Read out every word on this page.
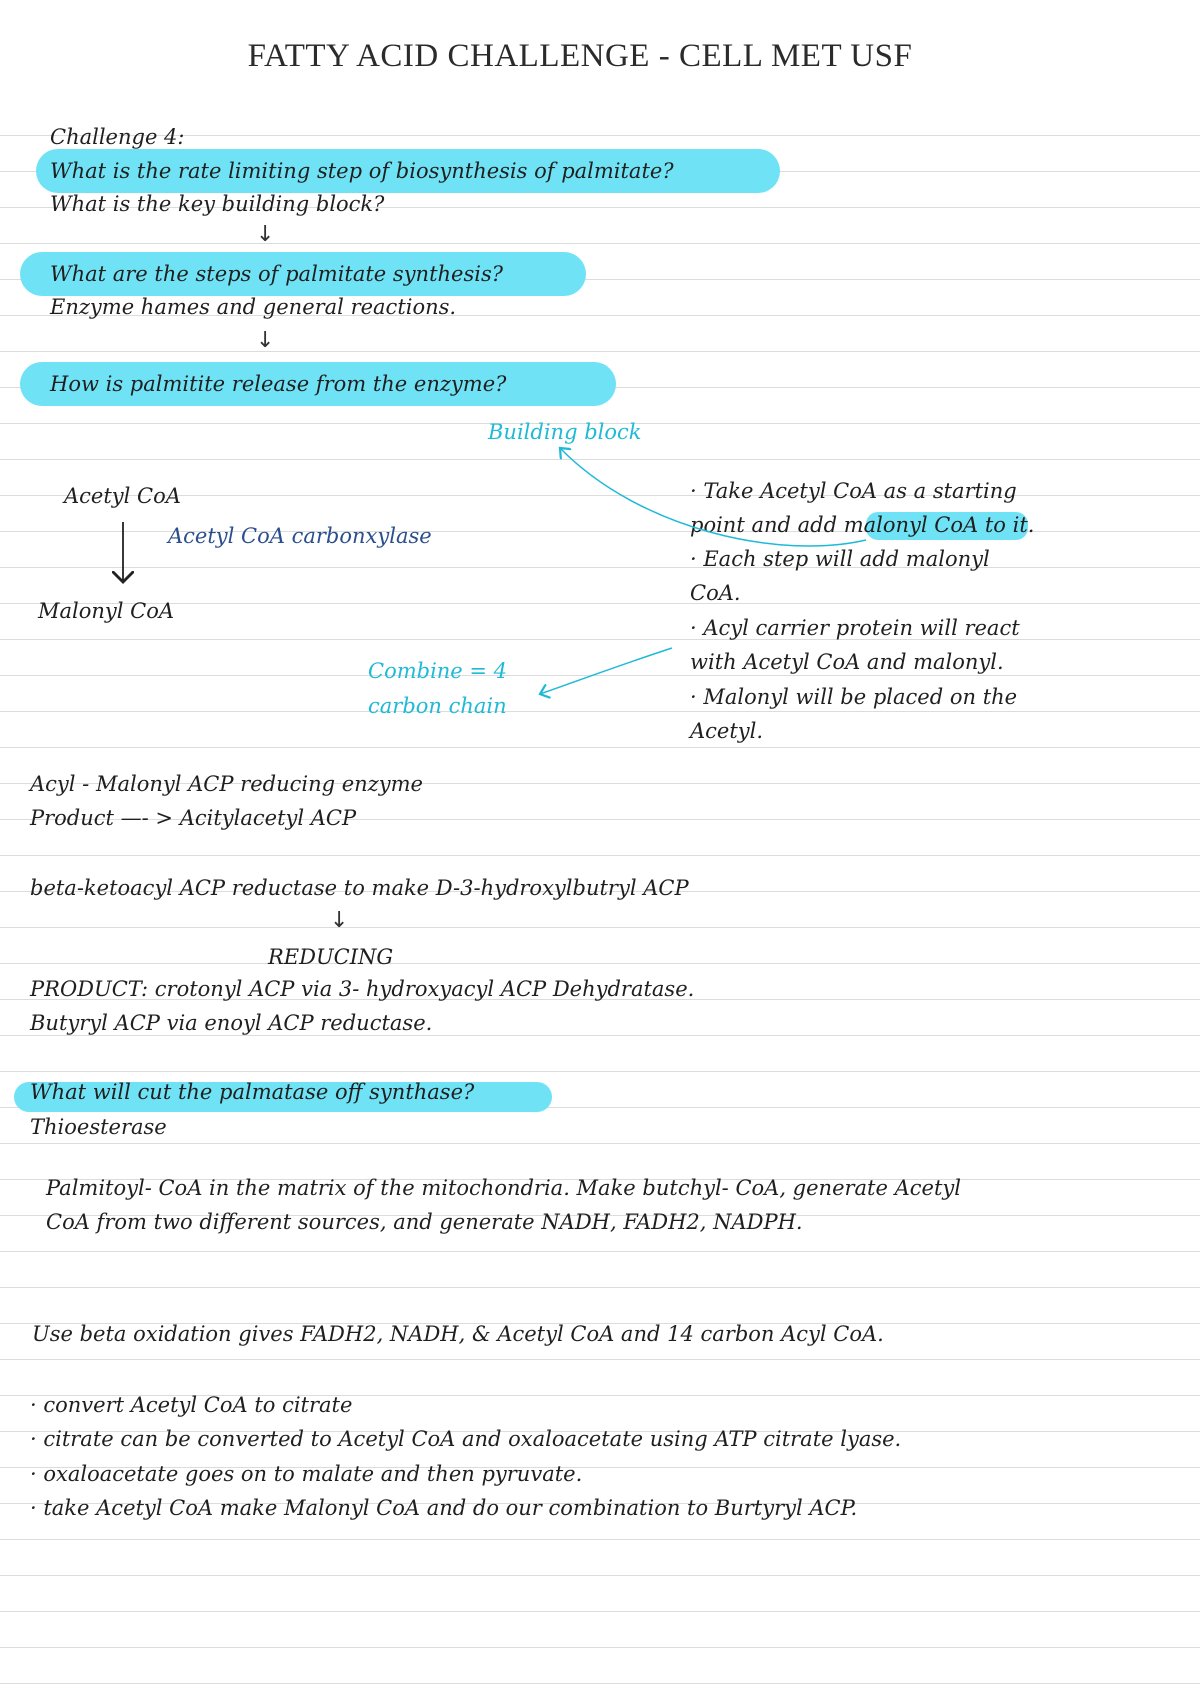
FATTY ACID CHALLENGE - CELL MET USF
Challenge 4:
What is the rate limiting step of biosynthesis of palmitate?
What is the key building block?
↓
What are the steps of palmitate synthesis?
Enzyme hames and general reactions.
↓
How is palmitite release from the enzyme?
Building block
Acetyl CoA
Acetyl CoA carbonxylase
Malonyl CoA
Combine = 4
carbon chain
· Take Acetyl CoA as a starting
point and add malonyl CoA to it.
· Each step will add malonyl
CoA.
· Acyl carrier protein will react
with Acetyl CoA and malonyl.
· Malonyl will be placed on the
Acetyl.
Acyl - Malonyl ACP reducing enzyme
Product —- > Acitylacetyl ACP
beta-ketoacyl ACP reductase to make D-3-hydroxylbutryl ACP
↓
REDUCING
PRODUCT: crotonyl ACP via 3- hydroxyacyl ACP Dehydratase.
Butyryl ACP via enoyl ACP reductase.
What will cut the palmatase off synthase?
Thioesterase
Palmitoyl- CoA in the matrix of the mitochondria. Make butchyl- CoA, generate Acetyl
CoA from two different sources, and generate NADH, FADH2, NADPH.
Use beta oxidation gives FADH2, NADH, & Acetyl CoA and 14 carbon Acyl CoA.
· convert Acetyl CoA to citrate
· citrate can be converted to Acetyl CoA and oxaloacetate using ATP citrate lyase.
· oxaloacetate goes on to malate and then pyruvate.
· take Acetyl CoA make Malonyl CoA and do our combination to Burtyryl ACP.
